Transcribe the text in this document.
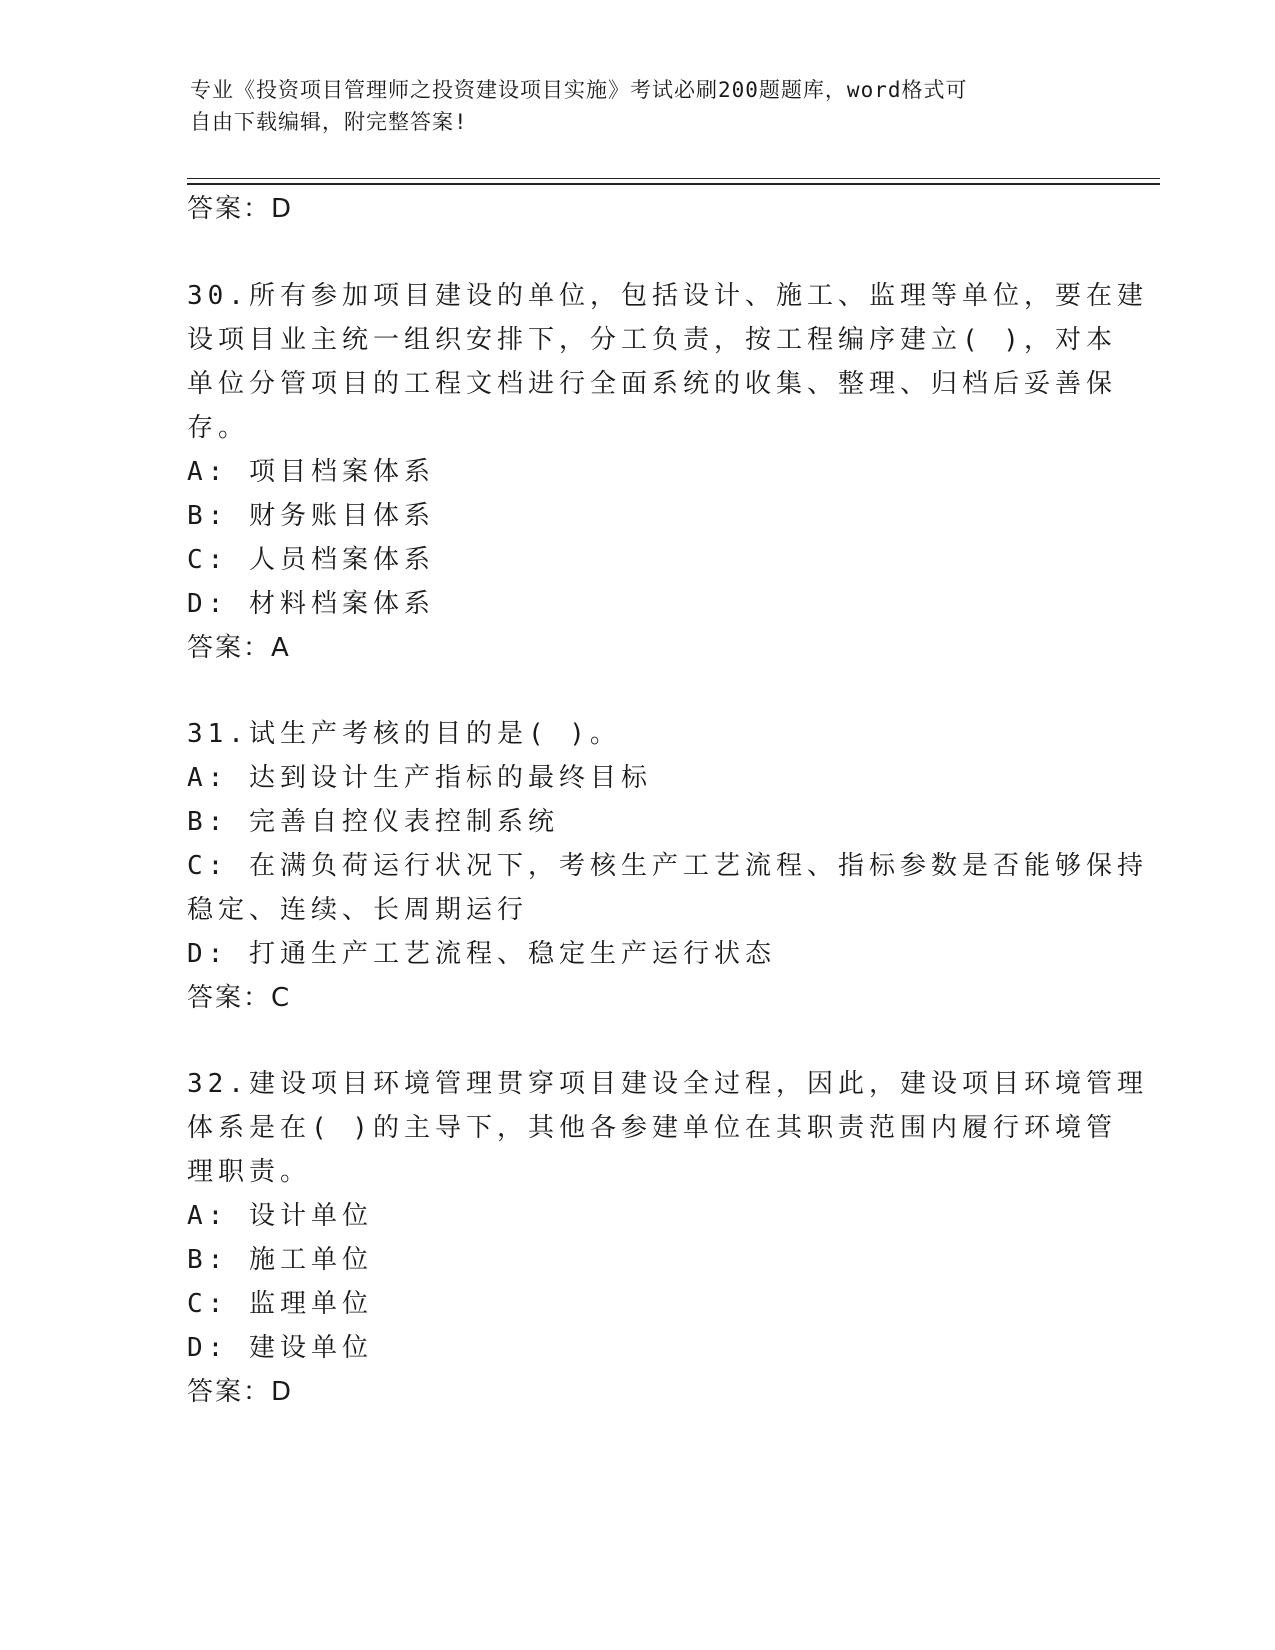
专业《投资项目管理师之投资建设项目实施》考试必刷200题题库，word格式可
自由下载编辑，附完整答案!
答案：D
30.所有参加项目建设的单位，包括设计、施工、监理等单位，要在建
设项目业主统一组织安排下，分工负责，按工程编序建立( )，对本
单位分管项目的工程文档进行全面系统的收集、整理、归档后妥善保
存。
A: 项目档案体系
B: 财务账目体系
C: 人员档案体系
D: 材料档案体系
答案：A
31.试生产考核的目的是( )。
A: 达到设计生产指标的最终目标
B: 完善自控仪表控制系统
C: 在满负荷运行状况下，考核生产工艺流程、指标参数是否能够保持
稳定、连续、长周期运行
D: 打通生产工艺流程、稳定生产运行状态
答案：C
32.建设项目环境管理贯穿项目建设全过程，因此，建设项目环境管理
体系是在( )的主导下，其他各参建单位在其职责范围内履行环境管
理职责。
A: 设计单位
B: 施工单位
C: 监理单位
D: 建设单位
答案：D
